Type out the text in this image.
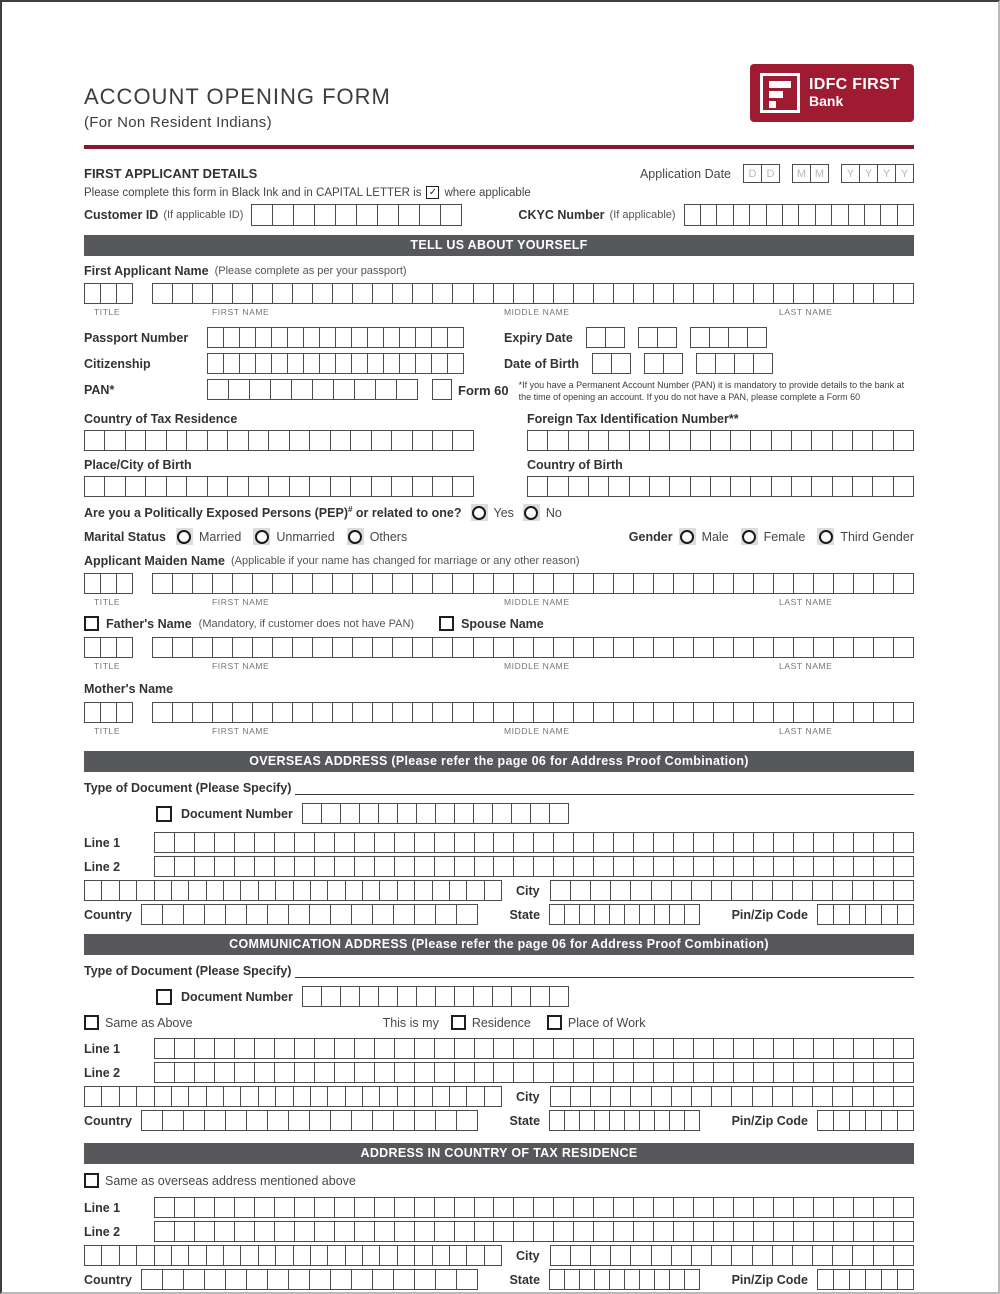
ACCOUNT OPENING FORM
(For Non Resident Indians)
IDFC FIRST
Bank
FIRST APPLICANT DETAILS	Application Date	D D	M M	Y Y Y Y
Please complete this form in Black Ink and in CAPITAL LETTER is ✓ where applicable
Customer ID (If applicable ID)	CKYC Number (If applicable)
TELL US ABOUT YOURSELF
First Applicant Name (Please complete as per your passport)
TITLE	FIRST NAME	MIDDLE NAME	LAST NAME
Passport Number	Expiry Date
Citizenship	Date of Birth
PAN*	Form 60 *If you have a Permanent Account Number (PAN) it is mandatory to provide details to the bank at the time of opening an account. If you do not have a PAN, please complete a Form 60
Country of Tax Residence	Foreign Tax Identification Number**
Place/City of Birth	Country of Birth
Are you a Politically Exposed Persons (PEP)# or related to one?	Yes	No
Marital Status	Married	Unmarried	Others	Gender Male	Female	Third Gender
Applicant Maiden Name (Applicable if your name has changed for marriage or any other reason)
TITLE	FIRST NAME	MIDDLE NAME	LAST NAME
Father's Name (Mandatory, if customer does not have PAN)	Spouse Name
TITLE	FIRST NAME	MIDDLE NAME	LAST NAME
Mother's Name
TITLE	FIRST NAME	MIDDLE NAME	LAST NAME
OVERSEAS ADDRESS (Please refer the page 06 for Address Proof Combination)
Type of Document (Please Specify)
Document Number
Line 1
Line 2
City
Country	State	Pin/Zip Code
COMMUNICATION ADDRESS (Please refer the page 06 for Address Proof Combination)
Type of Document (Please Specify)
Document Number
Same as Above	This is my	Residence	Place of Work
Line 1
Line 2
City
Country	State	Pin/Zip Code
ADDRESS IN COUNTRY OF TAX RESIDENCE
Same as overseas address mentioned above
Line 1
Line 2
City
Country	State	Pin/Zip Code
